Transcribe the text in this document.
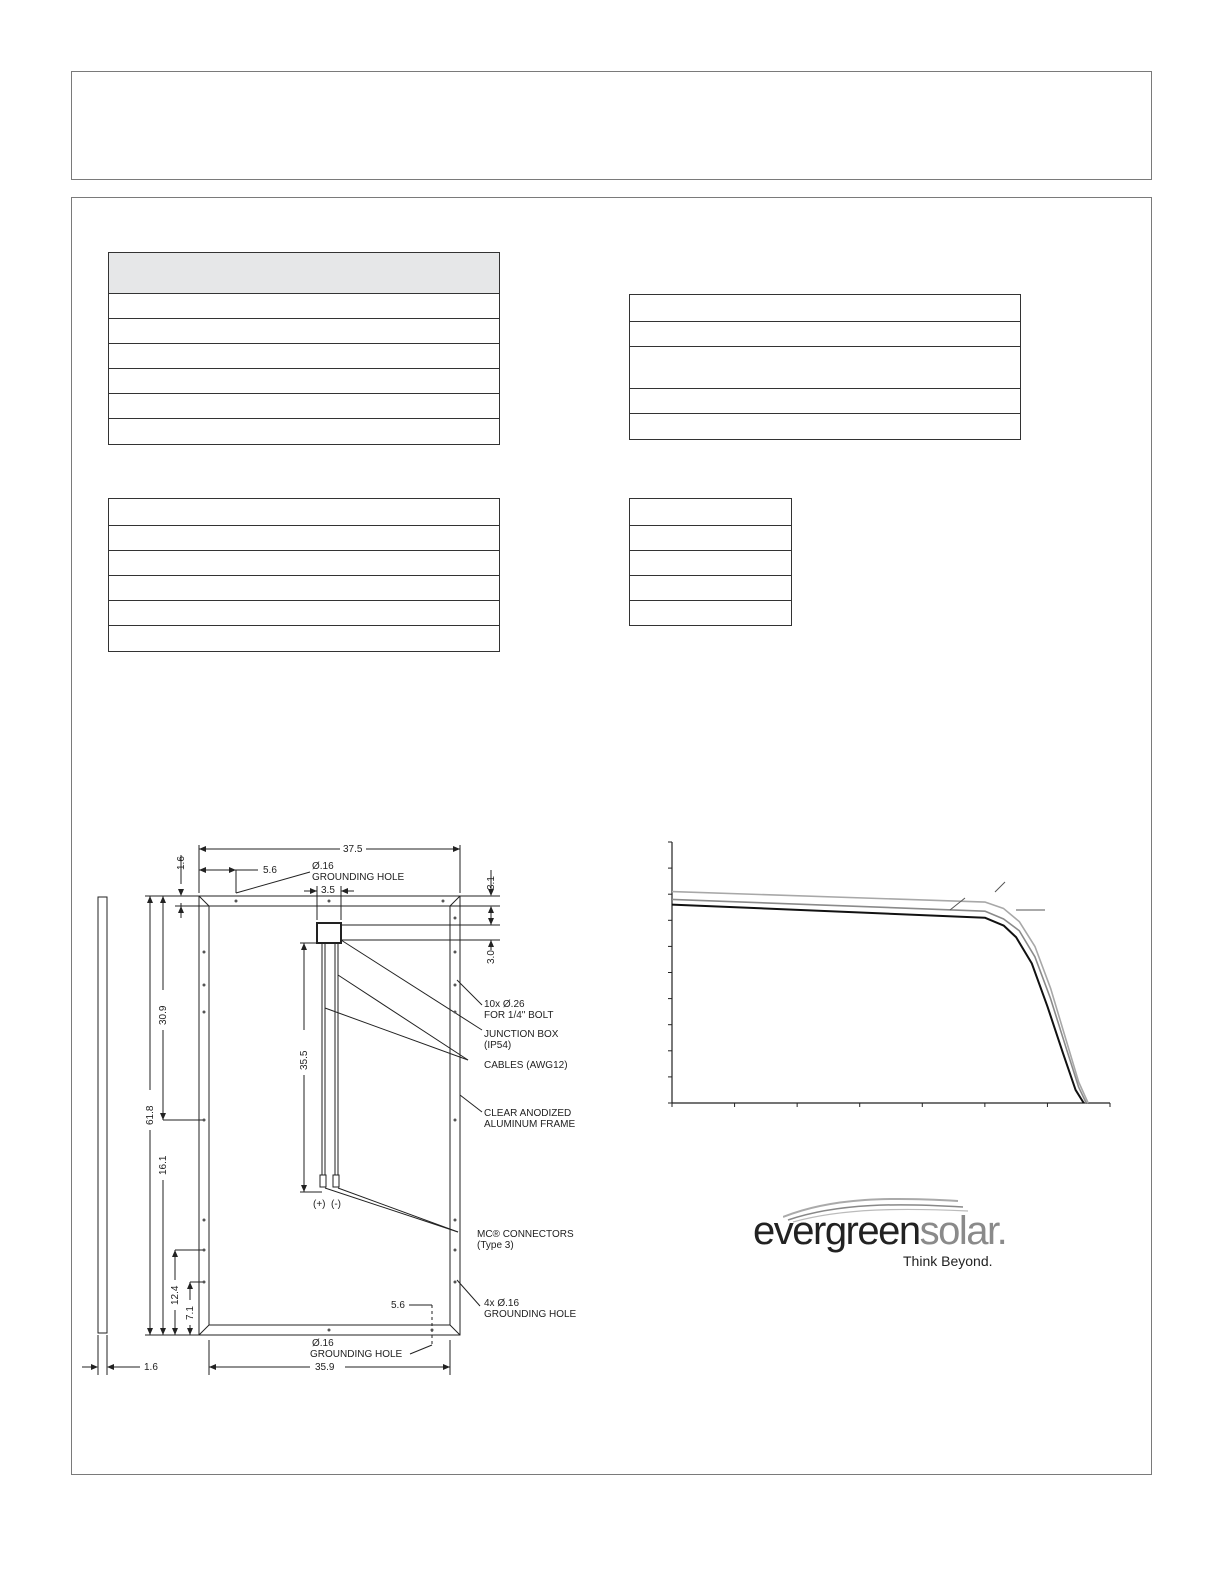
37.5
5.6	Ø.16
GROUNDING HOLE
3.5
5.6
35.9
1.6
Ø.16
GROUNDING HOLE
1.6
3.1
3.0
61.8
30.9
35.5
16.1
12.4
7.1
10x Ø.26
FOR 1/4" BOLT
JUNCTION BOX
(IP54)
CABLES (AWG12)
CLEAR ANODIZED
ALUMINUM FRAME
(+) (-)
MC® CONNECTORS
(Type 3)
4x Ø.16
GROUNDING HOLE
evergreensolar.
Think Beyond.
